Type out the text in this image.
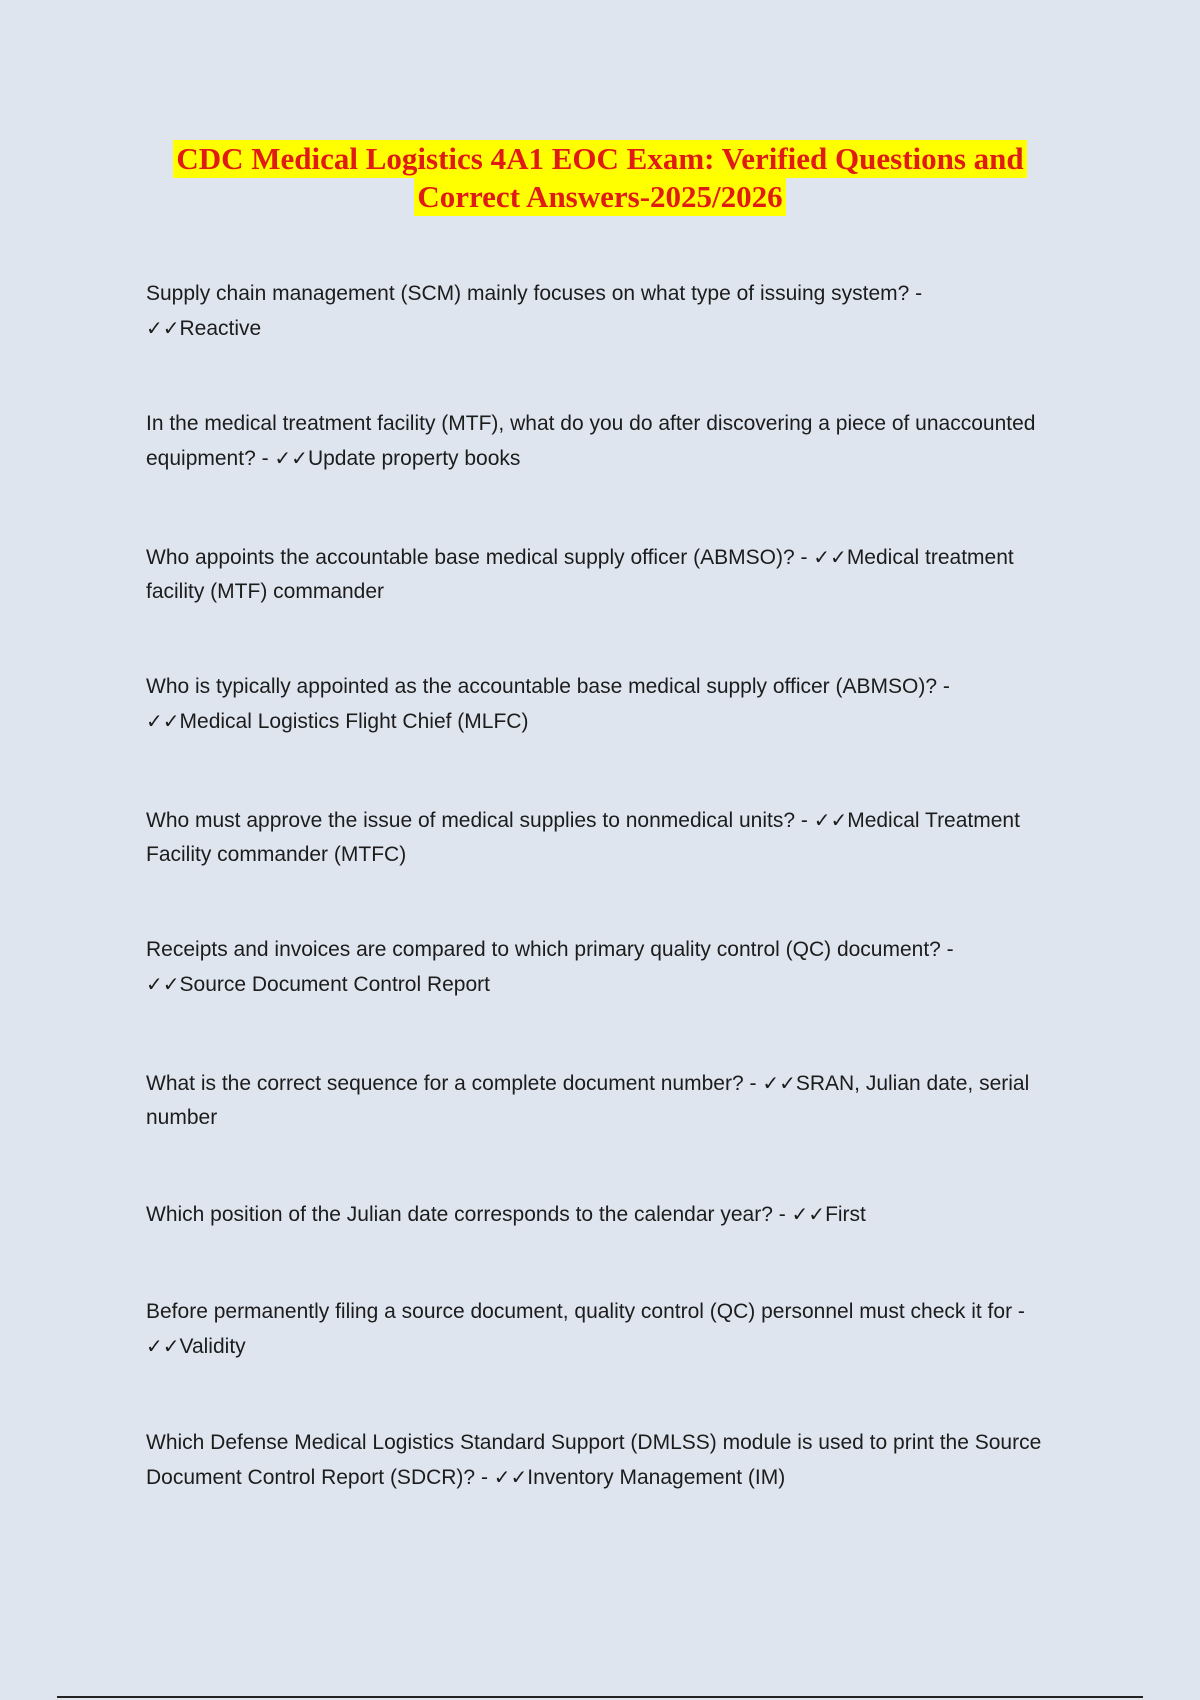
CDC Medical Logistics 4A1 EOC Exam: Verified Questions and
Correct Answers-2025/2026
Supply chain management (SCM) mainly focuses on what type of issuing system? -
✓✓Reactive
In the medical treatment facility (MTF), what do you do after discovering a piece of unaccounted equipment? - ✓✓Update property books
Who appoints the accountable base medical supply officer (ABMSO)? - ✓✓Medical treatment facility (MTF) commander
Who is typically appointed as the accountable base medical supply officer (ABMSO)? -
✓✓Medical Logistics Flight Chief (MLFC)
Who must approve the issue of medical supplies to nonmedical units? - ✓✓Medical Treatment Facility commander (MTFC)
Receipts and invoices are compared to which primary quality control (QC) document? -
✓✓Source Document Control Report
What is the correct sequence for a complete document number? - ✓✓SRAN, Julian date, serial number
Which position of the Julian date corresponds to the calendar year? - ✓✓First
Before permanently filing a source document, quality control (QC) personnel must check it for - ✓✓Validity
Which Defense Medical Logistics Standard Support (DMLSS) module is used to print the Source Document Control Report (SDCR)? - ✓✓Inventory Management (IM)
